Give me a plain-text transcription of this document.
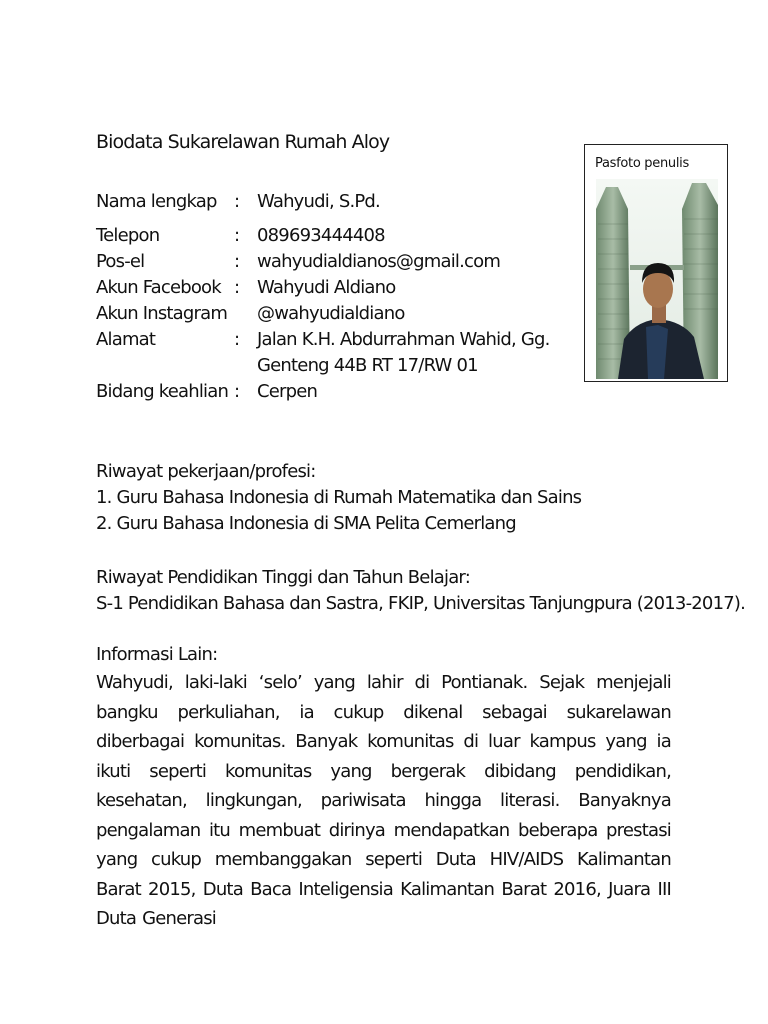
Biodata Sukarelawan Rumah Aloy
Nama lengkap : Wahyudi, S.Pd.
Telepon	: 089693444408
Pos-el	: wahyudialdianos@gmail.com
Akun Facebook : Wahyudi Aldiano
Akun Instagram	@wahyudialdiano
Alamat	: Jalan K.H. Abdurrahman Wahid, Gg. Genteng 44B RT 17/RW 01
Bidang keahlian : Cerpen
Pasfoto penulis
Riwayat pekerjaan/profesi:
1. Guru Bahasa Indonesia di Rumah Matematika dan Sains
2. Guru Bahasa Indonesia di SMA Pelita Cemerlang
Riwayat Pendidikan Tinggi dan Tahun Belajar:
S-1 Pendidikan Bahasa dan Sastra, FKIP, Universitas Tanjungpura (2013-2017).
Informasi Lain:
Wahyudi, laki-laki ‘selo’ yang lahir di Pontianak. Sejak menjejali bangku perkuliahan, ia cukup dikenal sebagai sukarelawan diberbagai komunitas. Banyak komunitas di luar kampus yang ia ikuti seperti komunitas yang bergerak dibidang pendidikan, kesehatan, lingkungan, pariwisata hingga literasi. Banyaknya pengalaman itu membuat dirinya mendapatkan beberapa prestasi yang cukup membanggakan seperti Duta HIV/AIDS Kalimantan Barat 2015, Duta Baca Inteligensia Kalimantan Barat 2016, Juara III Duta Generasi
